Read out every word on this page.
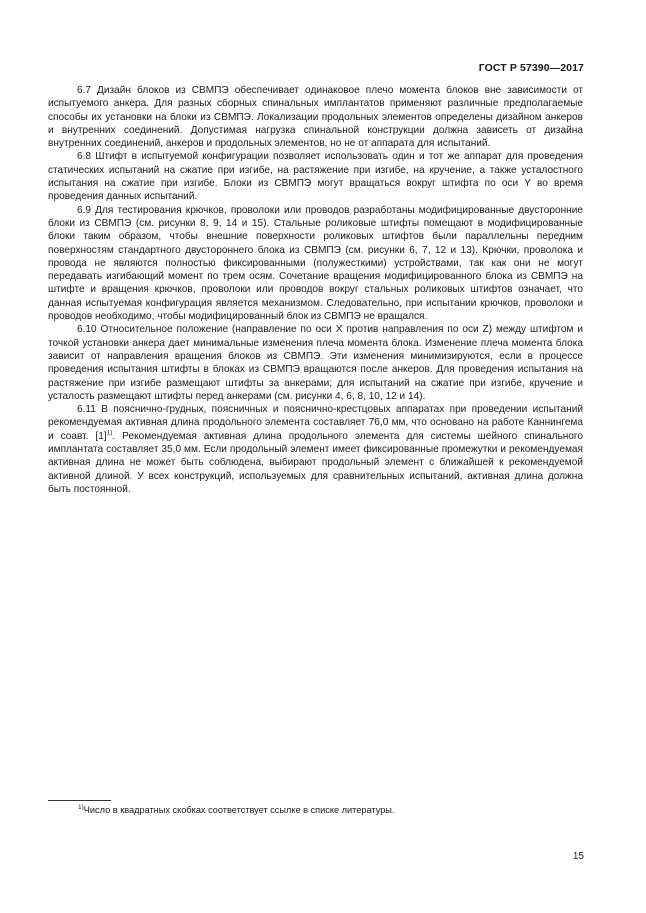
ГОСТ Р 57390—2017

6.7 Дизайн блоков из СВМПЭ обеспечивает одинаковое плечо момента блоков вне зависимости от испытуемого анкера. Для разных сборных спинальных имплантатов применяют различные предполагаемые способы их установки на блоки из СВМПЭ. Локализации продольных элементов определены дизайном анкеров и внутренних соединений. Допустимая нагрузка спинальной конструкции должна зависеть от дизайна внутренних соединений, анкеров и продольных элементов, но не от аппарата для испытаний.

6.8 Штифт в испытуемой конфигурации позволяет использовать один и тот же аппарат для проведения статических испытаний на сжатие при изгибе, на растяжение при изгибе, на кручение, а также усталостного испытания на сжатие при изгибе. Блоки из СВМПЭ могут вращаться вокруг штифта по оси Y во время проведения данных испытаний.

6.9 Для тестирования крючков, проволоки или проводов разработаны модифицированные двусторонние блоки из СВМПЭ (см. рисунки 8, 9, 14 и 15). Стальные роликовые штифты помещают в модифицированные блоки таким образом, чтобы внешние поверхности роликовых штифтов были параллельны передним поверхностям стандартного двустороннего блока из СВМПЭ (см. рисунки 6, 7, 12 и 13). Крючки, проволока и провода не являются полностью фиксированными (полужесткими) устройствами, так как они не могут передавать изгибающий момент по трем осям. Сочетание вращения модифицированного блока из СВМПЭ на штифте и вращения крючков, проволоки или проводов вокруг стальных роликовых штифтов означает, что данная испытуемая конфигурация является механизмом. Следовательно, при испытании крючков, проволоки и проводов необходимо, чтобы модифицированный блок из СВМПЭ не вращался.

6.10 Относительное положение (направление по оси X против направления по оси Z) между штифтом и точкой установки анкера дает минимальные изменения плеча момента блока. Изменение плеча момента блока зависит от направления вращения блоков из СВМПЭ. Эти изменения минимизируются, если в процессе проведения испытания штифты в блоках из СВМПЭ вращаются после анкеров. Для проведения испытания на растяжение при изгибе размещают штифты за анкерами; для испытаний на сжатие при изгибе, кручение и усталость размещают штифты перед анкерами (см. рисунки 4, 6, 8, 10, 12 и 14).

6.11 В пояснично-грудных, поясничных и пояснично-крестцовых аппаратах при проведении испытаний рекомендуемая активная длина продольного элемента составляет 76,0 мм, что основано на работе Каннингема и соавт. $[1]^{1)}$. Рекомендуемая активная длина продольного элемента для системы шейного спинального имплантата составляет 35,0 мм. Если продольный элемент имеет фиксированные промежутки и рекомендуемая активная длина не может быть соблюдена, выбирают продольный элемент с ближайшей к рекомендуемой активной длиной. У всех конструкций, используемых для сравнительных испытаний, активная длина должна быть постоянной.

$^{1)}$Число в квадратных скобках соответствует ссылке в списке литературы.
15
